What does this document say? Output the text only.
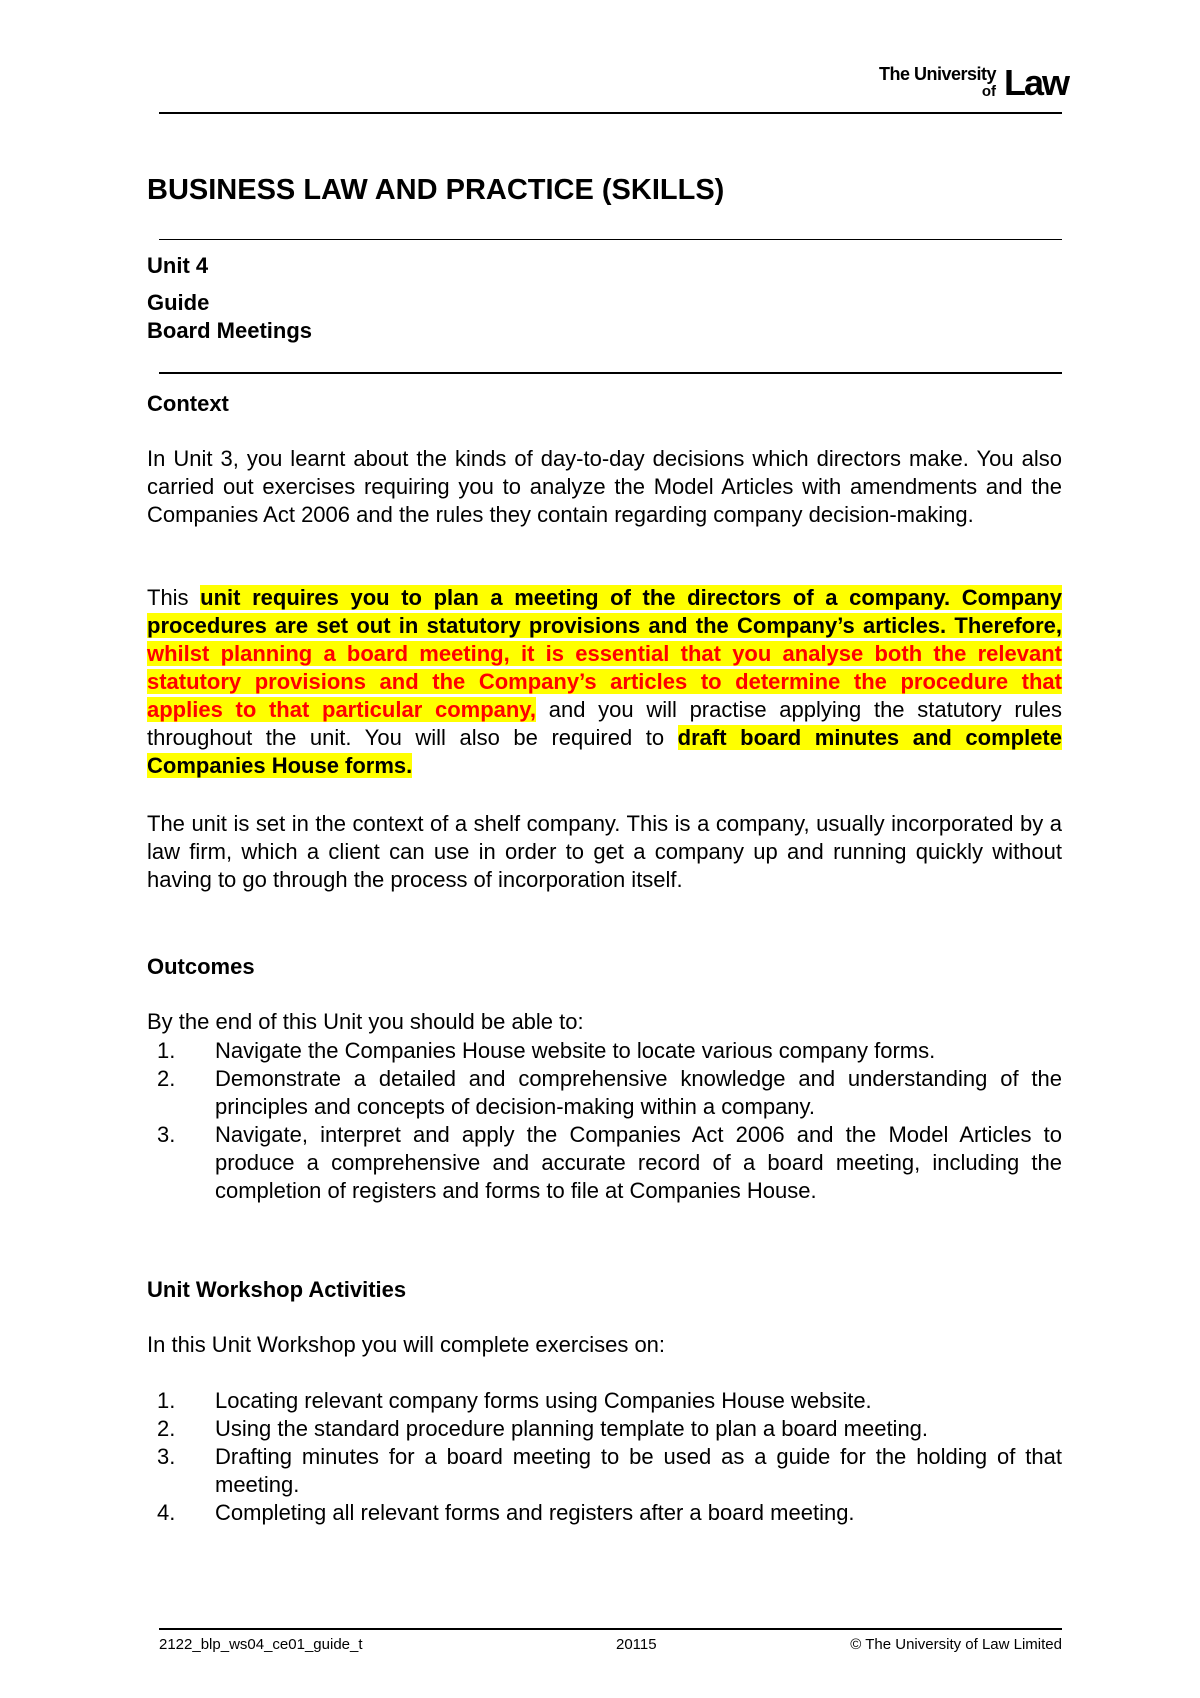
The University
of Law
BUSINESS LAW AND PRACTICE (SKILLS)
Unit 4
Guide
Board Meetings
Context
In Unit 3, you learnt about the kinds of day-to-day decisions which directors make. You also carried out exercises requiring you to analyze the Model Articles with amendments and the Companies Act 2006 and the rules they contain regarding company decision-making.
This unit requires you to plan a meeting of the directors of a company. Company procedures are set out in statutory provisions and the Company’s articles. Therefore, whilst planning a board meeting, it is essential that you analyse both the relevant statutory provisions and the Company’s articles to determine the procedure that applies to that particular company, and you will practise applying the statutory rules throughout the unit. You will also be required to draft board minutes and complete Companies House forms.
The unit is set in the context of a shelf company. This is a company, usually incorporated by a law firm, which a client can use in order to get a company up and running quickly without having to go through the process of incorporation itself.
Outcomes
By the end of this Unit you should be able to:
1.	Navigate the Companies House website to locate various company forms.
2.	Demonstrate a detailed and comprehensive knowledge and understanding of the principles and concepts of decision-making within a company.
3.	Navigate, interpret and apply the Companies Act 2006 and the Model Articles to produce a comprehensive and accurate record of a board meeting, including the completion of registers and forms to file at Companies House.
Unit Workshop Activities
In this Unit Workshop you will complete exercises on:
1.	Locating relevant company forms using Companies House website.
2.	Using the standard procedure planning template to plan a board meeting.
3.	Drafting minutes for a board meeting to be used as a guide for the holding of that meeting.
4.	Completing all relevant forms and registers after a board meeting.
2122_blp_ws04_ce01_guide_t	20115	© The University of Law Limited
